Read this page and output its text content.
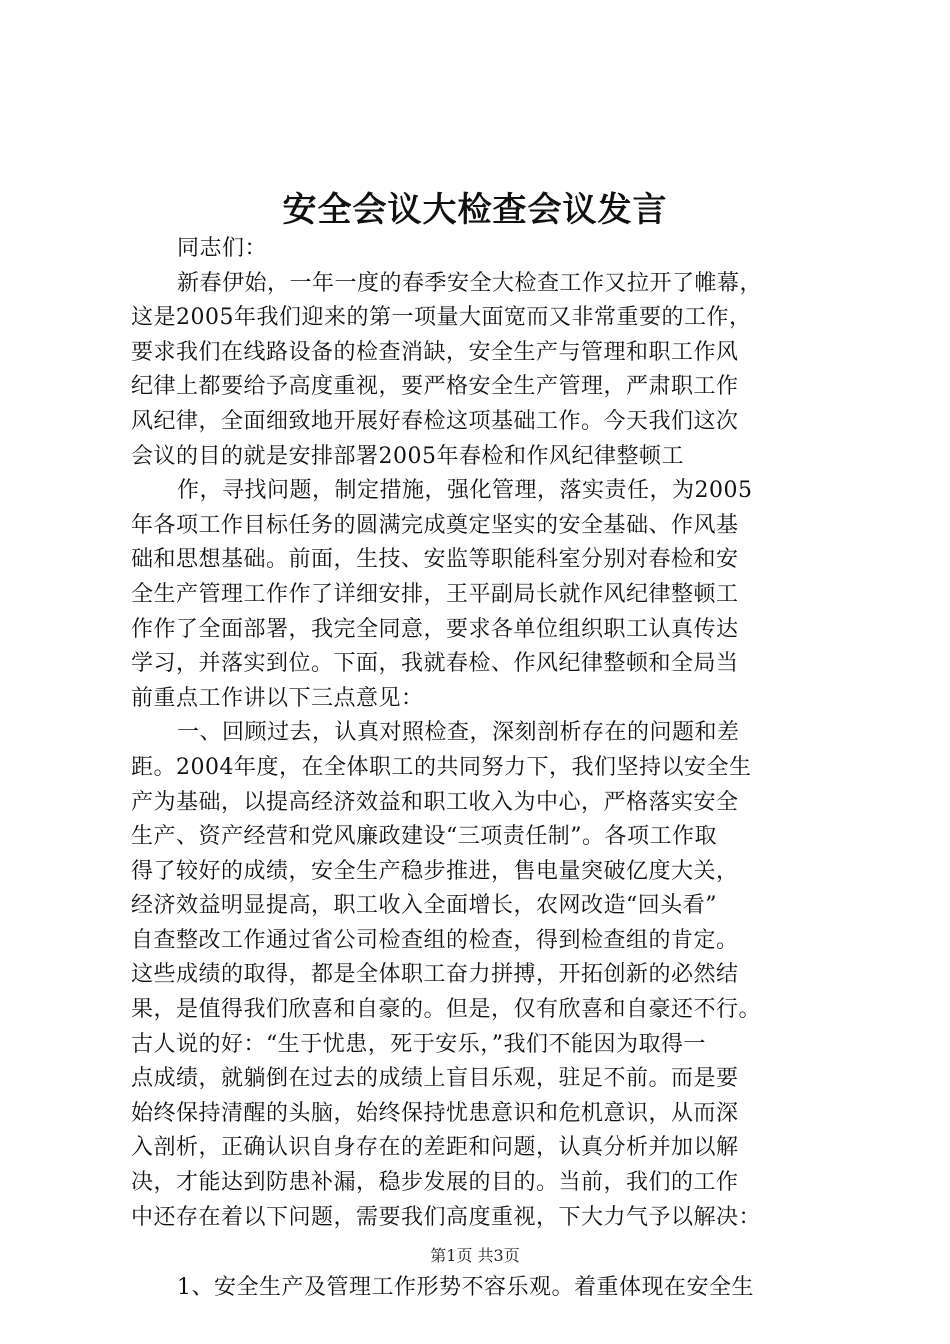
安全会议大检查会议发言
同志们：
新春伊始，一年一度的春季安全大检查工作又拉开了帷幕，
这是2005年我们迎来的第一项量大面宽而又非常重要的工作，
要求我们在线路设备的检查消缺，安全生产与管理和职工作风
纪律上都要给予高度重视，要严格安全生产管理，严肃职工作
风纪律，全面细致地开展好春检这项基础工作。今天我们这次
会议的目的就是安排部署2005年春检和作风纪律整顿工
作，寻找问题，制定措施，强化管理，落实责任，为2005
年各项工作目标任务的圆满完成奠定坚实的安全基础、作风基
础和思想基础。前面，生技、安监等职能科室分别对春检和安
全生产管理工作作了详细安排，王平副局长就作风纪律整顿工
作作了全面部署，我完全同意，要求各单位组织职工认真传达
学习，并落实到位。下面，我就春检、作风纪律整顿和全局当
前重点工作讲以下三点意见：
一、回顾过去，认真对照检查，深刻剖析存在的问题和差
距。2004年度，在全体职工的共同努力下，我们坚持以安全生
产为基础，以提高经济效益和职工收入为中心，严格落实安全
生产、资产经营和党风廉政建设“三项责任制”。各项工作取
得了较好的成绩，安全生产稳步推进，售电量突破亿度大关，
经济效益明显提高，职工收入全面增长，农网改造“回头看”
自查整改工作通过省公司检查组的检查，得到检查组的肯定。
这些成绩的取得，都是全体职工奋力拼搏，开拓创新的必然结
果，是值得我们欣喜和自豪的。但是，仅有欣喜和自豪还不行。
古人说的好：“生于忧患，死于安乐，”我们不能因为取得一
点成绩，就躺倒在过去的成绩上盲目乐观，驻足不前。而是要
始终保持清醒的头脑，始终保持忧患意识和危机意识，从而深
入剖析，正确认识自身存在的差距和问题，认真分析并加以解
决，才能达到防患补漏，稳步发展的目的。当前，我们的工作
中还存在着以下问题，需要我们高度重视，下大力气予以解决：
1、安全生产及管理工作形势不容乐观。着重体现在安全生
第1页 共3页
